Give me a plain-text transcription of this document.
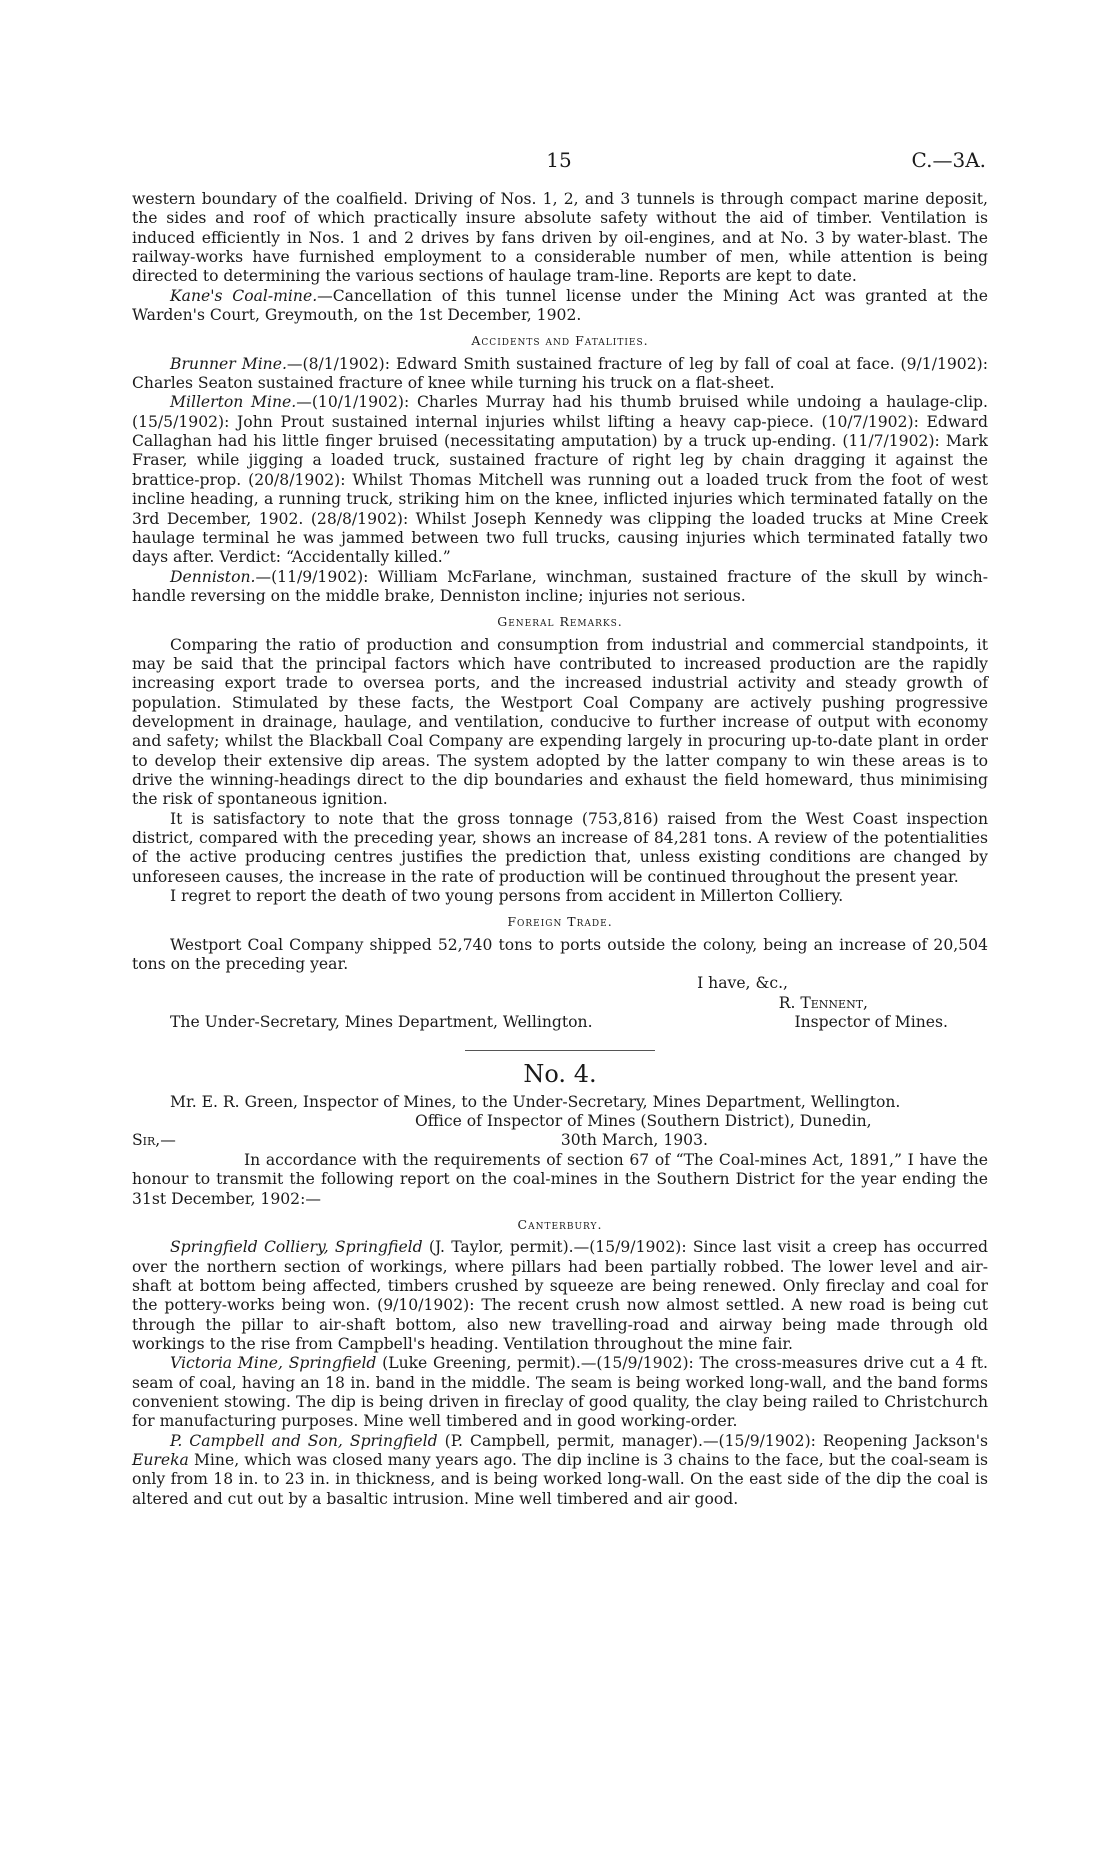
15	C.—3A.

western boundary of the coalfield. Driving of Nos. 1, 2, and 3 tunnels is through compact marine deposit, the sides and roof of which practically insure absolute safety without the aid of timber. Ventilation is induced efficiently in Nos. 1 and 2 drives by fans driven by oil-engines, and at No. 3 by water-blast. The railway-works have furnished employment to a considerable number of men, while attention is being directed to determining the various sections of haulage tram-line. Reports are kept to date.

Kane's Coal-mine.—Cancellation of this tunnel license under the Mining Act was granted at the Warden's Court, Greymouth, on the 1st December, 1902.

Accidents and Fatalities.

Brunner Mine.—(8/1/1902): Edward Smith sustained fracture of leg by fall of coal at face. (9/1/1902): Charles Seaton sustained fracture of knee while turning his truck on a flat-sheet.

Millerton Mine.—(10/1/1902): Charles Murray had his thumb bruised while undoing a haulage-clip. (15/5/1902): John Prout sustained internal injuries whilst lifting a heavy cap-piece. (10/7/1902): Edward Callaghan had his little finger bruised (necessitating amputation) by a truck up-ending. (11/7/1902): Mark Fraser, while jigging a loaded truck, sustained fracture of right leg by chain dragging it against the brattice-prop. (20/8/1902): Whilst Thomas Mitchell was running out a loaded truck from the foot of west incline heading, a running truck, striking him on the knee, inflicted injuries which terminated fatally on the 3rd December, 1902. (28/8/1902): Whilst Joseph Kennedy was clipping the loaded trucks at Mine Creek haulage terminal he was jammed between two full trucks, causing injuries which terminated fatally two days after. Verdict: “Accidentally killed.”

Denniston.—(11/9/1902): William McFarlane, winchman, sustained fracture of the skull by winch-handle reversing on the middle brake, Denniston incline; injuries not serious.

General Remarks.

Comparing the ratio of production and consumption from industrial and commercial standpoints, it may be said that the principal factors which have contributed to increased production are the rapidly increasing export trade to oversea ports, and the increased industrial activity and steady growth of population. Stimulated by these facts, the Westport Coal Company are actively pushing progressive development in drainage, haulage, and ventilation, conducive to further increase of output with economy and safety; whilst the Blackball Coal Company are expending largely in procuring up-to-date plant in order to develop their extensive dip areas. The system adopted by the latter company to win these areas is to drive the winning-headings direct to the dip boundaries and exhaust the field homeward, thus minimising the risk of spontaneous ignition.

It is satisfactory to note that the gross tonnage (753,816) raised from the West Coast inspection district, compared with the preceding year, shows an increase of 84,281 tons. A review of the potentialities of the active producing centres justifies the prediction that, unless existing conditions are changed by unforeseen causes, the increase in the rate of production will be continued throughout the present year.

I regret to report the death of two young persons from accident in Millerton Colliery.

Foreign Trade.

Westport Coal Company shipped 52,740 tons to ports outside the colony, being an increase of 20,504 tons on the preceding year.

I have, &c.,
R. Tennent,
The Under-Secretary, Mines Department, Wellington.	Inspector of Mines.
No. 4.

Mr. E. R. Green, Inspector of Mines, to the Under-Secretary, Mines Department, Wellington.

Office of Inspector of Mines (Southern District), Dunedin,
Sir,—	30th March, 1903.

In accordance with the requirements of section 67 of “The Coal-mines Act, 1891,” I have the honour to transmit the following report on the coal-mines in the Southern District for the year ending the 31st December, 1902:—

Canterbury.

Springfield Colliery, Springfield (J. Taylor, permit).—(15/9/1902): Since last visit a creep has occurred over the northern section of workings, where pillars had been partially robbed. The lower level and air-shaft at bottom being affected, timbers crushed by squeeze are being renewed. Only fireclay and coal for the pottery-works being won. (9/10/1902): The recent crush now almost settled. A new road is being cut through the pillar to air-shaft bottom, also new travelling-road and airway being made through old workings to the rise from Campbell's heading. Ventilation throughout the mine fair.

Victoria Mine, Springfield (Luke Greening, permit).—(15/9/1902): The cross-measures drive cut a 4 ft. seam of coal, having an 18 in. band in the middle. The seam is being worked long-wall, and the band forms convenient stowing. The dip is being driven in fireclay of good quality, the clay being railed to Christchurch for manufacturing purposes. Mine well timbered and in good working-order.

P. Campbell and Son, Springfield (P. Campbell, permit, manager).—(15/9/1902): Reopening Jackson's Eureka Mine, which was closed many years ago. The dip incline is 3 chains to the face, but the coal-seam is only from 18 in. to 23 in. in thickness, and is being worked long-wall. On the east side of the dip the coal is altered and cut out by a basaltic intrusion. Mine well timbered and air good.
